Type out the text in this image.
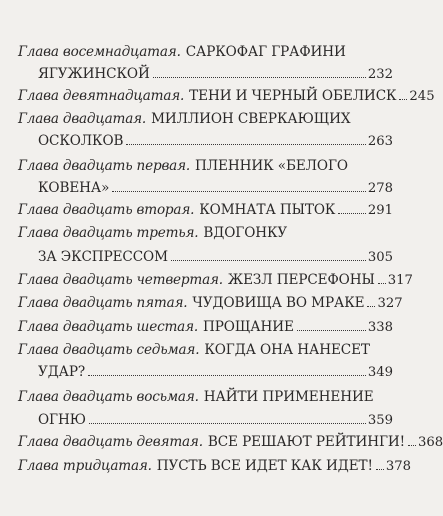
Глава восемнадцатая. САРКОФАГ ГРАФИНИ
ЯГУЖИНСКОЙ	232
Глава девятнадцатая. ТЕНИ И ЧЕРНЫЙ ОБЕЛИСК 245
Глава двадцатая. МИЛЛИОН СВЕРКАЮЩИХ
ОСКОЛКОВ	263
Глава двадцать первая. ПЛЕННИК «БЕЛОГО
КОВЕНА»	278
Глава двадцать вторая. КОМНАТА ПЫТОК 291
Глава двадцать третья. ВДОГОНКУ
ЗА ЭКСПРЕССОМ	305
Глава двадцать четвертая. ЖЕЗЛ ПЕРСЕФОНЫ 317
Глава двадцать пятая. ЧУДОВИЩА ВО МРАКЕ 327
Глава двадцать шестая. ПРОЩАНИЕ	338
Глава двадцать седьмая. КОГДА ОНА НАНЕСЕТ
УДАР?	349
Глава двадцать восьмая. НАЙТИ ПРИМЕНЕНИЕ
ОГНЮ	359
Глава двадцать девятая. ВСЕ РЕШАЮТ РЕЙТИНГИ! 368
Глава тридцатая. ПУСТЬ ВСЕ ИДЕТ КАК ИДЕТ! 378
